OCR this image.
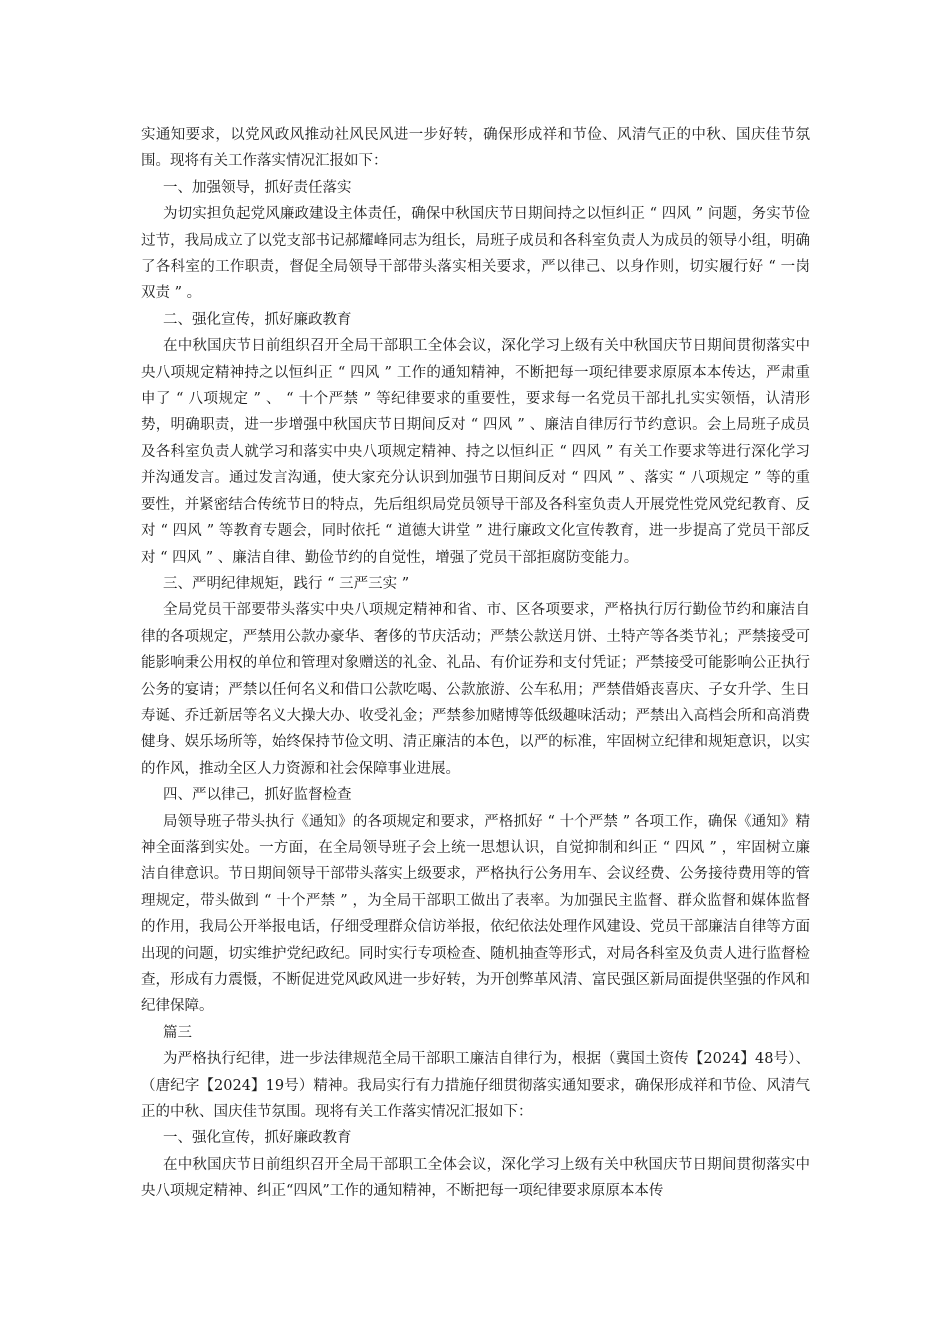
实通知要求，以党风政风推动社风民风进一步好转，确保形成祥和节俭、风清气正的中秋、国庆佳节氛围。现将有关工作落实情况汇报如下：

一、加强领导，抓好责任落实

为切实担负起党风廉政建设主体责任，确保中秋国庆节日期间持之以恒纠正 “ 四风 ” 问题，务实节俭过节，我局成立了以党支部书记郝耀峰同志为组长，局班子成员和各科室负责人为成员的领导小组，明确了各科室的工作职责，督促全局领导干部带头落实相关要求，严以律己、以身作则，切实履行好 “ 一岗双责 ” 。

二、强化宣传，抓好廉政教育

在中秋国庆节日前组织召开全局干部职工全体会议，深化学习上级有关中秋国庆节日期间贯彻落实中央八项规定精神持之以恒纠正 “ 四风 ” 工作的通知精神，不断把每一项纪律要求原原本本传达，严肃重申了 “ 八项规定 ” 、 “ 十个严禁 ” 等纪律要求的重要性，要求每一名党员干部扎扎实实领悟，认清形势，明确职责，进一步增强中秋国庆节日期间反对 “ 四风 ” 、廉洁自律厉行节约意识。会上局班子成员及各科室负责人就学习和落实中央八项规定精神、持之以恒纠正 “ 四风 ” 有关工作要求等进行深化学习并沟通发言。通过发言沟通，使大家充分认识到加强节日期间反对 “ 四风 ” 、落实 “ 八项规定 ” 等的重要性，并紧密结合传统节日的特点，先后组织局党员领导干部及各科室负责人开展党性党风党纪教育、反对 “ 四风 ” 等教育专题会，同时依托 “ 道德大讲堂 ” 进行廉政文化宣传教育，进一步提高了党员干部反对 “ 四风 ” 、廉洁自律、勤俭节约的自觉性，增强了党员干部拒腐防变能力。

三、严明纪律规矩，践行 “ 三严三实 ”

全局党员干部要带头落实中央八项规定精神和省、市、区各项要求，严格执行厉行勤俭节约和廉洁自律的各项规定，严禁用公款办豪华、奢侈的节庆活动；严禁公款送月饼、土特产等各类节礼；严禁接受可能影响秉公用权的单位和管理对象赠送的礼金、礼品、有价证券和支付凭证；严禁接受可能影响公正执行公务的宴请；严禁以任何名义和借口公款吃喝、公款旅游、公车私用；严禁借婚丧喜庆、子女升学、生日寿诞、乔迁新居等名义大操大办、收受礼金；严禁参加赌博等低级趣味活动；严禁出入高档会所和高消费健身、娱乐场所等，始终保持节俭文明、清正廉洁的本色，以严的标准，牢固树立纪律和规矩意识，以实的作风，推动全区人力资源和社会保障事业进展。

四、严以律己，抓好监督检查

局领导班子带头执行《通知》的各项规定和要求，严格抓好 “ 十个严禁 ” 各项工作，确保《通知》精神全面落到实处。一方面，在全局领导班子会上统一思想认识，自觉抑制和纠正 “ 四风 ” ，牢固树立廉洁自律意识。节日期间领导干部带头落实上级要求，严格执行公务用车、会议经费、公务接待费用等的管理规定，带头做到 “ 十个严禁 ” ，为全局干部职工做出了表率。为加强民主监督、群众监督和媒体监督的作用，我局公开举报电话，仔细受理群众信访举报，依纪依法处理作风建设、党员干部廉洁自律等方面出现的问题，切实维护党纪政纪。同时实行专项检查、随机抽查等形式，对局各科室及负责人进行监督检查，形成有力震慑，不断促进党风政风进一步好转，为开创弊革风清、富民强区新局面提供坚强的作风和纪律保障。

篇三

为严格执行纪律，进一步法律规范全局干部职工廉洁自律行为，根据（冀国土资传【2024】48号）、（唐纪字【2024】19号）精神。我局实行有力措施仔细贯彻落实通知要求，确保形成祥和节俭、风清气正的中秋、国庆佳节氛围。现将有关工作落实情况汇报如下：

一、强化宣传，抓好廉政教育

在中秋国庆节日前组织召开全局干部职工全体会议，深化学习上级有关中秋国庆节日期间贯彻落实中央八项规定精神、纠正“四风”工作的通知精神，不断把每一项纪律要求原原本本传
